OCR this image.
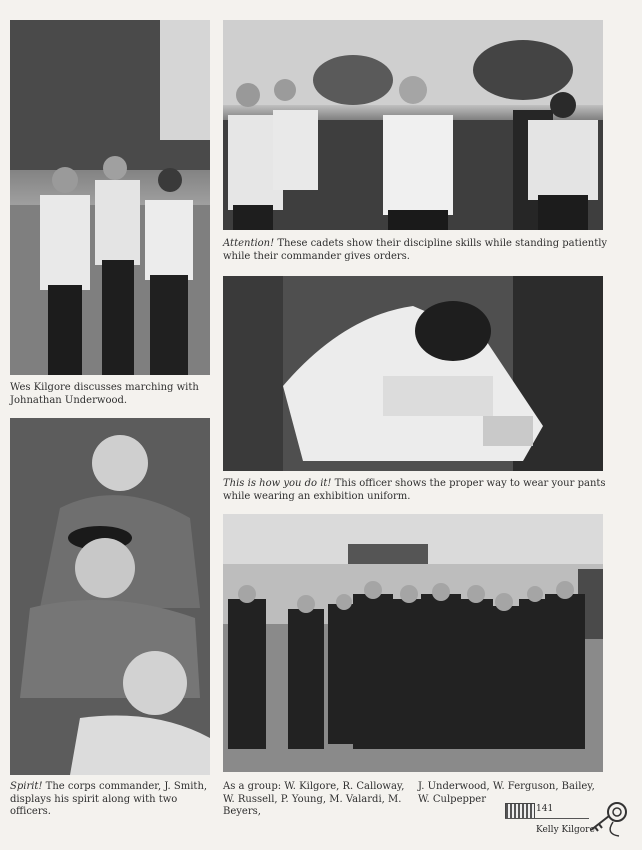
Wes Kilgore discusses marching with Johnathan Underwood.
Attention! These cadets show their discipline skills while standing patiently while their commander gives orders.
This is how you do it! This officer shows the proper way to wear your pants while wearing an exhibition uniform.
Spirit! The corps commander, J. Smith, displays his spirit along with two officers.
As a group: W. Kilgore, R. Calloway, W. Russell, P. Young, M. Valardi, M. Beyers,
J. Underwood, W. Ferguson, Bailey, W. Culpepper
141
Kelly Kilgore
